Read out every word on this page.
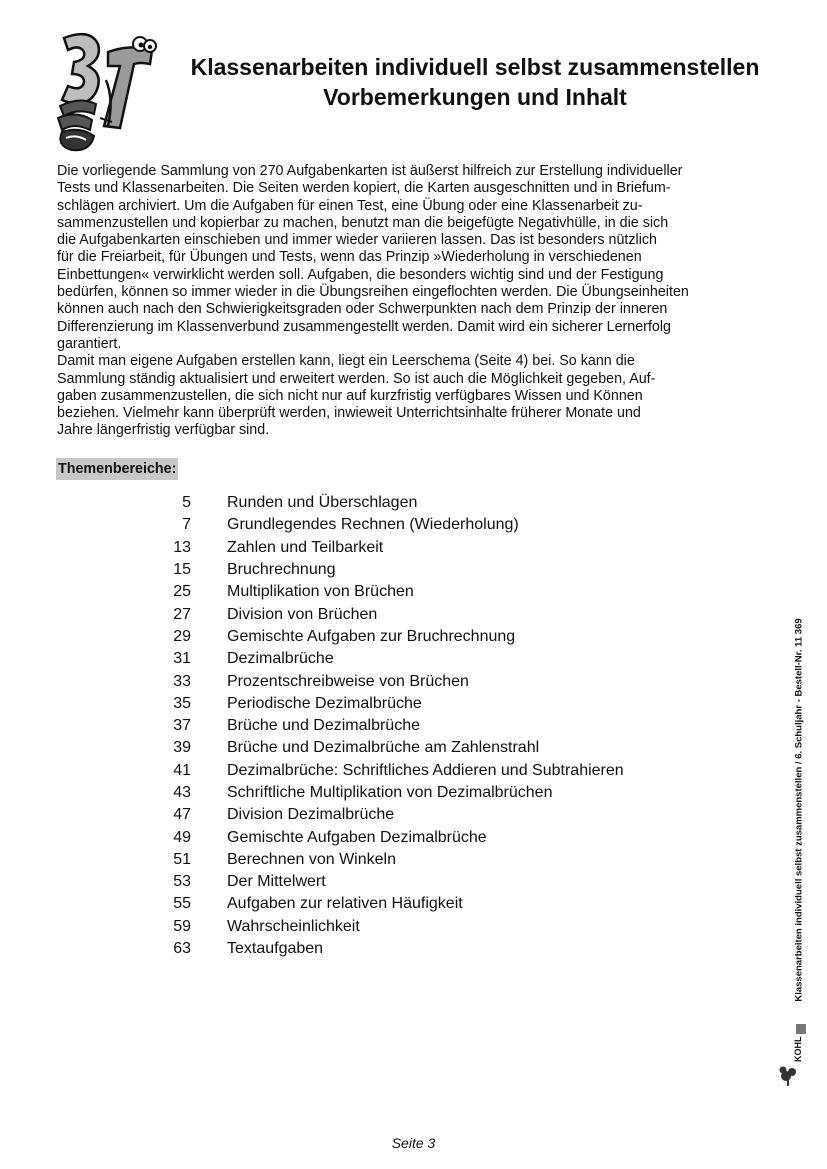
Klassenarbeiten individuell selbst zusammenstellen
Vorbemerkungen und Inhalt
Die vorliegende Sammlung von 270 Aufgabenkarten ist äußerst hilfreich zur Erstellung individueller
Tests und Klassenarbeiten. Die Seiten werden kopiert, die Karten ausgeschnitten und in Briefum-
schlägen archiviert. Um die Aufgaben für einen Test, eine Übung oder eine Klassenarbeit zu-
sammenzustellen und kopierbar zu machen, benutzt man die beigefügte Negativhülle, in die sich
die Aufgabenkarten einschieben und immer wieder variieren lassen. Das ist besonders nützlich
für die Freiarbeit, für Übungen und Tests, wenn das Prinzip »Wiederholung in verschiedenen
Einbettungen« verwirklicht werden soll. Aufgaben, die besonders wichtig sind und der Festigung
bedürfen, können so immer wieder in die Übungsreihen eingeflochten werden. Die Übungseinheiten
können auch nach den Schwierigkeitsgraden oder Schwerpunkten nach dem Prinzip der inneren
Differenzierung im Klassenverbund zusammengestellt werden. Damit wird ein sicherer Lernerfolg
garantiert.
Damit man eigene Aufgaben erstellen kann, liegt ein Leerschema (Seite 4) bei. So kann die
Sammlung ständig aktualisiert und erweitert werden. So ist auch die Möglichkeit gegeben, Auf-
gaben zusammenzustellen, die sich nicht nur auf kurzfristig verfügbares Wissen und Können
beziehen. Vielmehr kann überprüft werden, inwieweit Unterrichtsinhalte früherer Monate und
Jahre längerfristig verfügbar sind.
Themenbereiche:
5 Runden und Überschlagen
7 Grundlegendes Rechnen (Wiederholung)
13 Zahlen und Teilbarkeit
15 Bruchrechnung
25 Multiplikation von Brüchen
27 Division von Brüchen
29 Gemischte Aufgaben zur Bruchrechnung
31 Dezimalbrüche
33 Prozentschreibweise von Brüchen
35 Periodische Dezimalbrüche
37 Brüche und Dezimalbrüche
39 Brüche und Dezimalbrüche am Zahlenstrahl
41 Dezimalbrüche: Schriftliches Addieren und Subtrahieren
43 Schriftliche Multiplikation von Dezimalbrüchen
47 Division Dezimalbrüche
49 Gemischte Aufgaben Dezimalbrüche
51 Berechnen von Winkeln
53 Der Mittelwert
55 Aufgaben zur relativen Häufigkeit
59 Wahrscheinlichkeit
63 Textaufgaben	Klassenarbeiten individuell selbst zusammenstellen / 6. Schuljahr - Bestell-Nr. 11 369
KOHL
Seite 3
